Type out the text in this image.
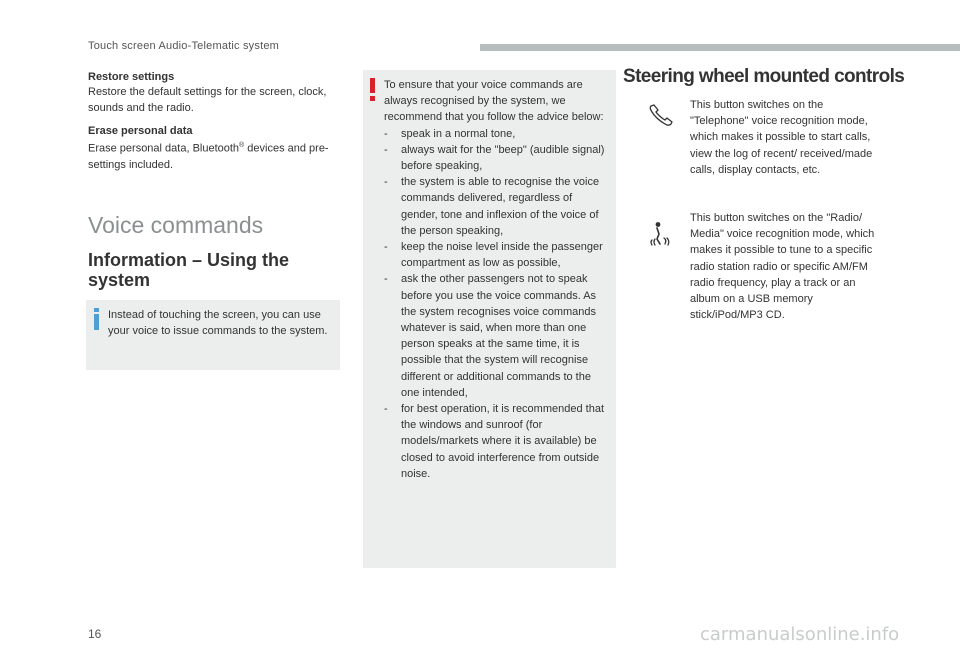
Touch screen Audio-Telematic system

Restore settings

Restore the default settings for the screen, clock, sounds and the radio.

Erase personal data

Erase personal data, Bluetooth® devices and pre-settings included.

Voice commands
Information – Using the system
Instead of touching the screen, you can use your voice to issue commands to the system.
To ensure that your voice commands are always recognised by the system, we recommend that you follow the advice below:
- speak in a normal tone,
- always wait for the "beep" (audible signal) before speaking,
- the system is able to recognise the voice commands delivered, regardless of gender, tone and inflexion of the voice of the person speaking,
- keep the noise level inside the passenger compartment as low as possible,
- ask the other passengers not to speak before you use the voice commands. As the system recognises voice commands whatever is said, when more than one person speaks at the same time, it is possible that the system will recognise different or additional commands to the one intended,
- for best operation, it is recommended that the windows and sunroof (for models/markets where it is available) be closed to avoid interference from outside noise.
Steering wheel mounted controls
This button switches on the "Telephone" voice recognition mode, which makes it possible to start calls, view the log of recent/ received/made calls, display contacts, etc.
This button switches on the "Radio/ Media" voice recognition mode, which makes it possible to tune to a specific radio station radio or specific AM/FM radio frequency, play a track or an album on a USB memory stick/iPod/MP3 CD.
16	carmanualsonline.info
